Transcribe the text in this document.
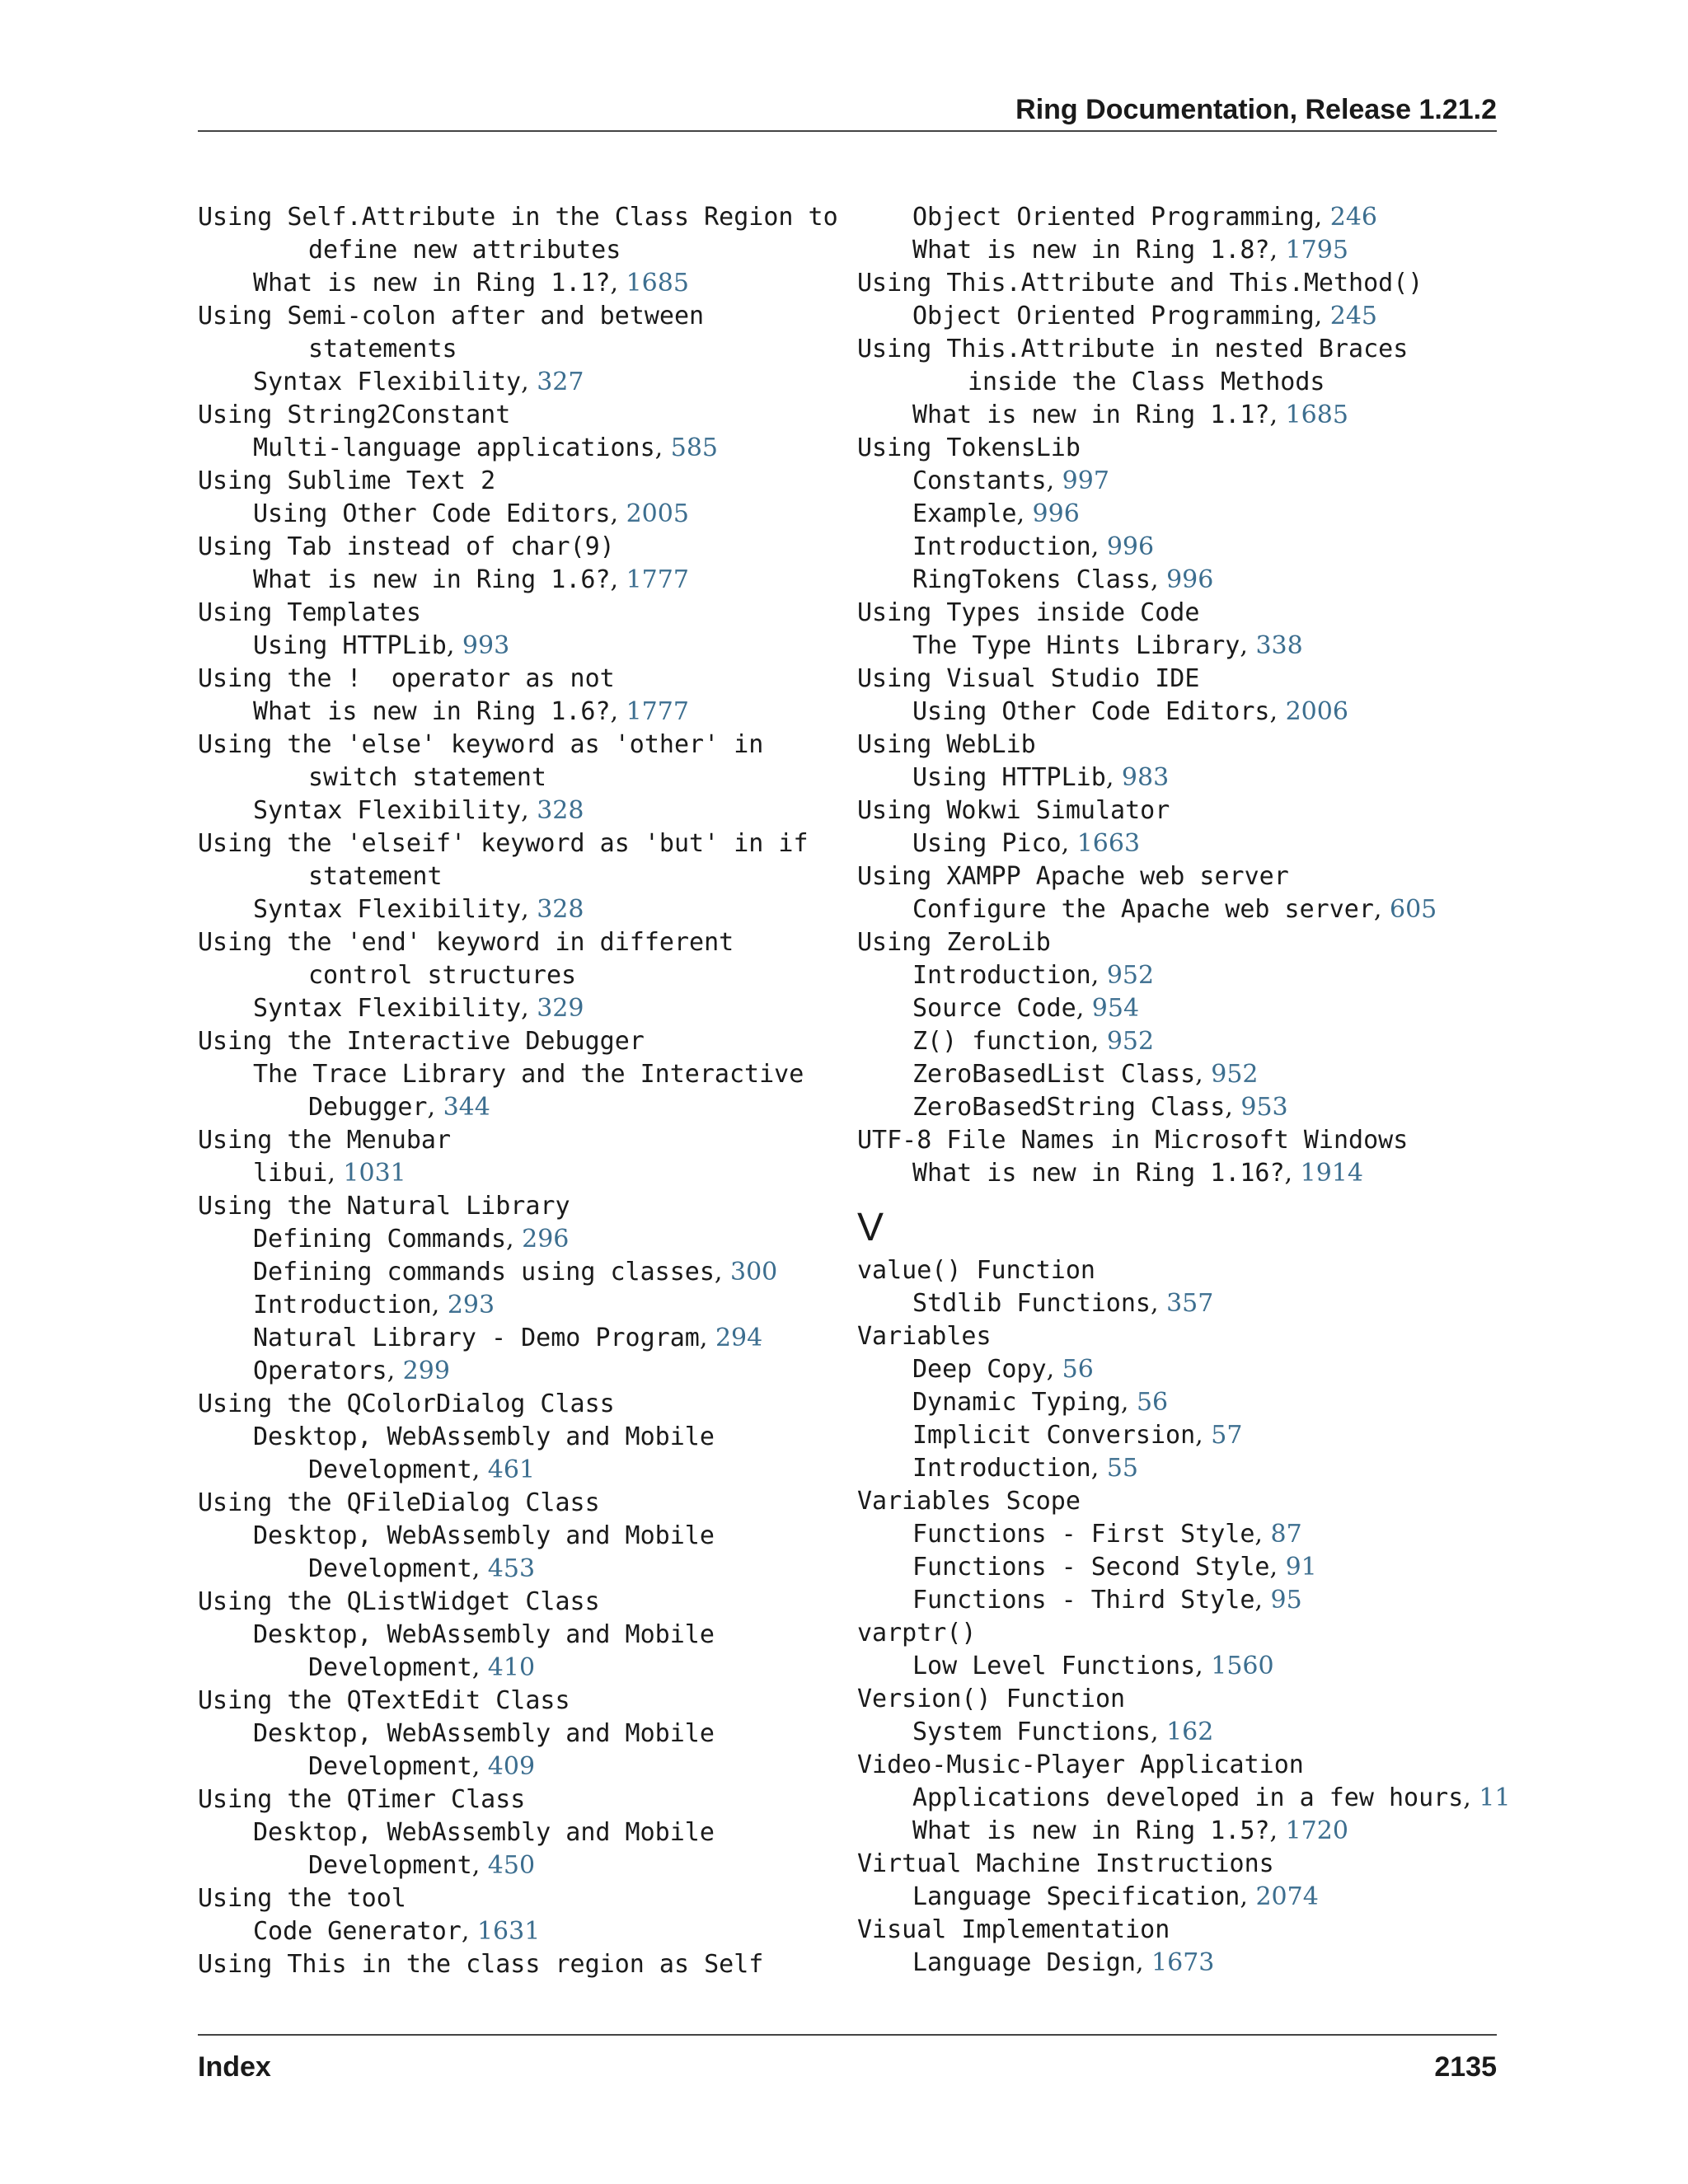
Ring Documentation, Release 1.21.2
Using Self.Attribute in the Class Region to
define new attributes
What is new in Ring 1.1?, 1685
Using Semi-colon after and between
statements
Syntax Flexibility, 327
Using String2Constant
Multi-language applications, 585
Using Sublime Text 2
Using Other Code Editors, 2005
Using Tab instead of char(9)
What is new in Ring 1.6?, 1777
Using Templates
Using HTTPLib, 993
Using the !  operator as not
What is new in Ring 1.6?, 1777
Using the 'else' keyword as 'other' in
switch statement
Syntax Flexibility, 328
Using the 'elseif' keyword as 'but' in if
statement
Syntax Flexibility, 328
Using the 'end' keyword in different
control structures
Syntax Flexibility, 329
Using the Interactive Debugger
The Trace Library and the Interactive
Debugger, 344
Using the Menubar
libui, 1031
Using the Natural Library
Defining Commands, 296
Defining commands using classes, 300
Introduction, 293
Natural Library - Demo Program, 294
Operators, 299
Using the QColorDialog Class
Desktop, WebAssembly and Mobile
Development, 461
Using the QFileDialog Class
Desktop, WebAssembly and Mobile
Development, 453
Using the QListWidget Class
Desktop, WebAssembly and Mobile
Development, 410
Using the QTextEdit Class
Desktop, WebAssembly and Mobile
Development, 409
Using the QTimer Class
Desktop, WebAssembly and Mobile
Development, 450
Using the tool
Code Generator, 1631
Using This in the class region as Self
Object Oriented Programming, 246
What is new in Ring 1.8?, 1795
Using This.Attribute and This.Method()
Object Oriented Programming, 245
Using This.Attribute in nested Braces
inside the Class Methods
What is new in Ring 1.1?, 1685
Using TokensLib
Constants, 997
Example, 996
Introduction, 996
RingTokens Class, 996
Using Types inside Code
The Type Hints Library, 338
Using Visual Studio IDE
Using Other Code Editors, 2006
Using WebLib
Using HTTPLib, 983
Using Wokwi Simulator
Using Pico, 1663
Using XAMPP Apache web server
Configure the Apache web server, 605
Using ZeroLib
Introduction, 952
Source Code, 954
Z() function, 952
ZeroBasedList Class, 952
ZeroBasedString Class, 953
UTF-8 File Names in Microsoft Windows
What is new in Ring 1.16?, 1914
V
value() Function
Stdlib Functions, 357
Variables
Deep Copy, 56
Dynamic Typing, 56
Implicit Conversion, 57
Introduction, 55
Variables Scope
Functions - First Style, 87
Functions - Second Style, 91
Functions - Third Style, 95
varptr()
Low Level Functions, 1560
Version() Function
System Functions, 162
Video-Music-Player Application
Applications developed in a few hours, 11
What is new in Ring 1.5?, 1720
Virtual Machine Instructions
Language Specification, 2074
Visual Implementation
Language Design, 1673
Index	2135
